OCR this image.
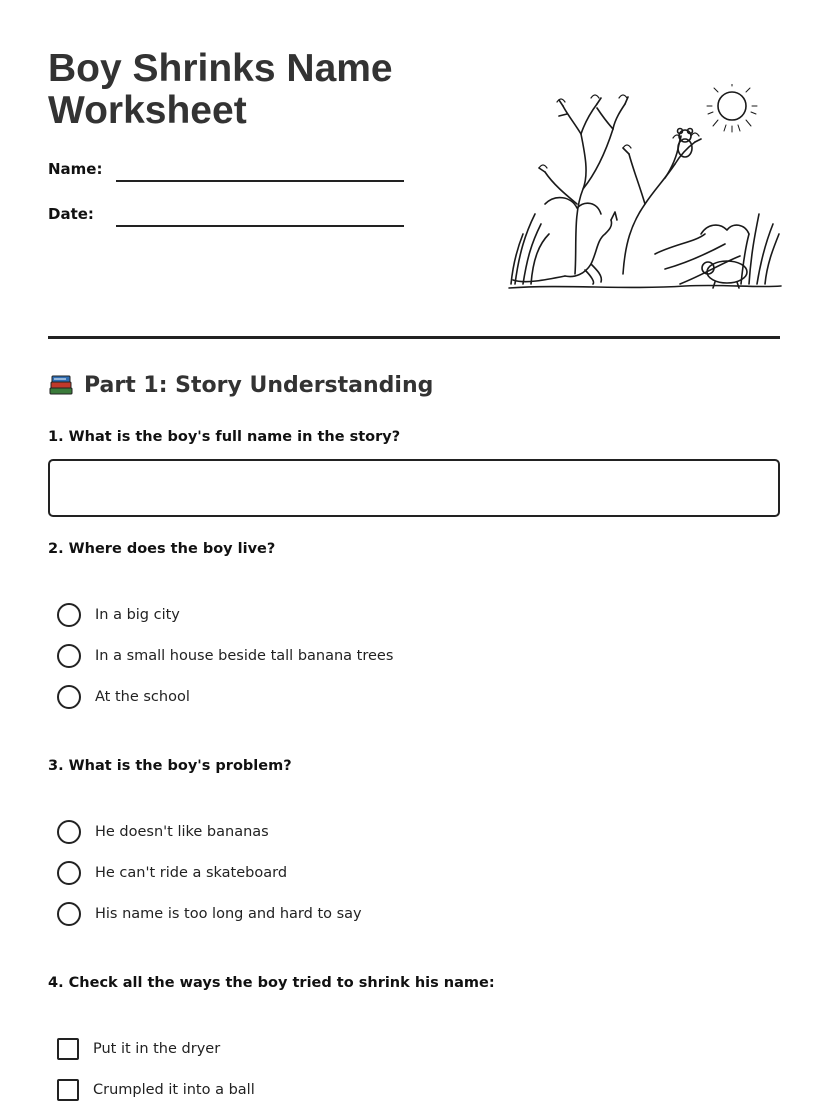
Boy Shrinks Name Worksheet
Name:
Date:
Part 1: Story Understanding
1. What is the boy's full name in the story?
2. Where does the boy live?
In a big city
In a small house beside tall banana trees
At the school
3. What is the boy's problem?
He doesn't like bananas
He can't ride a skateboard
His name is too long and hard to say
4. Check all the ways the boy tried to shrink his name:
Put it in the dryer
Crumpled it into a ball
